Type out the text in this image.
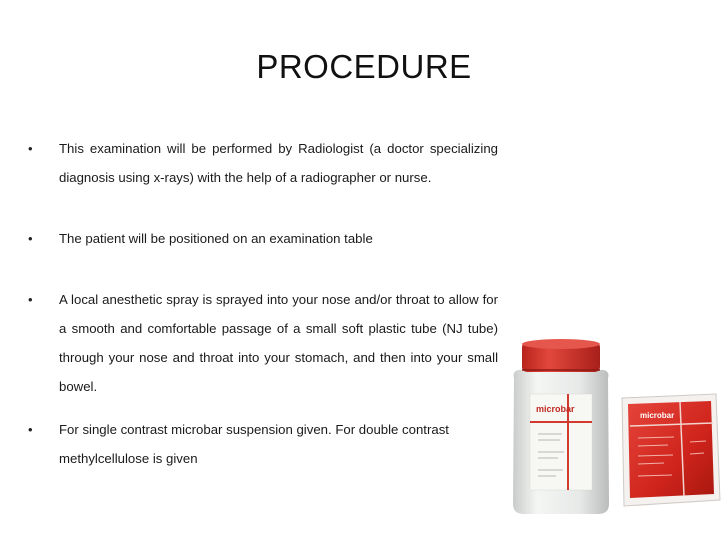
PROCEDURE
• This examination will be performed by Radiologist (a doctor specializing diagnosis using x-rays) with the help of a radiographer or nurse.
• The patient will be positioned on an examination table
• A local anesthetic spray is sprayed into your nose and/or throat to allow for a smooth and comfortable passage of a small soft plastic tube (NJ tube) through your nose and throat into your stomach, and then into your small bowel.
• For single contrast microbar suspension given. For double contrast methylcellulose is given
microbar
microbar
